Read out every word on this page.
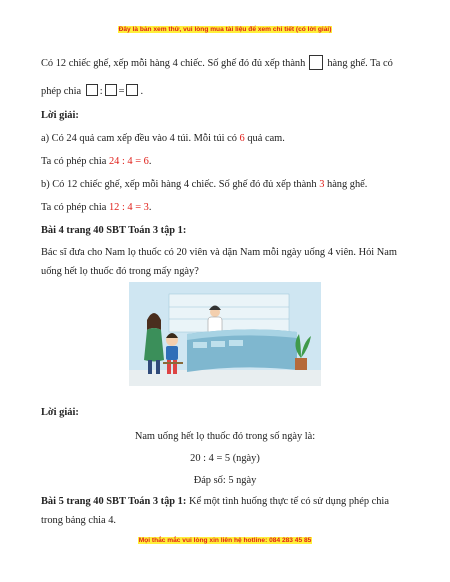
Đây là bản xem thử, vui lòng mua tài liệu để xem chi tiết (có lời giải)
Có 12 chiếc ghế, xếp mỗi hàng 4 chiếc. Số ghế đó đủ xếp thành hàng ghế. Ta có
phép chia : = .
Lời giải:
a) Có 24 quả cam xếp đều vào 4 túi. Mỗi túi có 6 quả cam.
Ta có phép chia 24 : 4 = 6.
b) Có 12 chiếc ghế, xếp mỗi hàng 4 chiếc. Số ghế đó đủ xếp thành 3 hàng ghế.
Ta có phép chia 12 : 4 = 3.
Bài 4 trang 40 SBT Toán 3 tập 1:
Bác sĩ đưa cho Nam lọ thuốc có 20 viên và dặn Nam mỗi ngày uống 4 viên. Hỏi Nam
uống hết lọ thuốc đó trong mấy ngày?
Lời giải:
Nam uống hết lọ thuốc đó trong số ngày là:
20 : 4 = 5 (ngày)
Đáp số: 5 ngày
Bài 5 trang 40 SBT Toán 3 tập 1: Kể một tình huống thực tế có sử dụng phép chia
trong bảng chia 4.
Mọi thắc mắc vui lòng xin liên hệ hotline: 084 283 45 85
